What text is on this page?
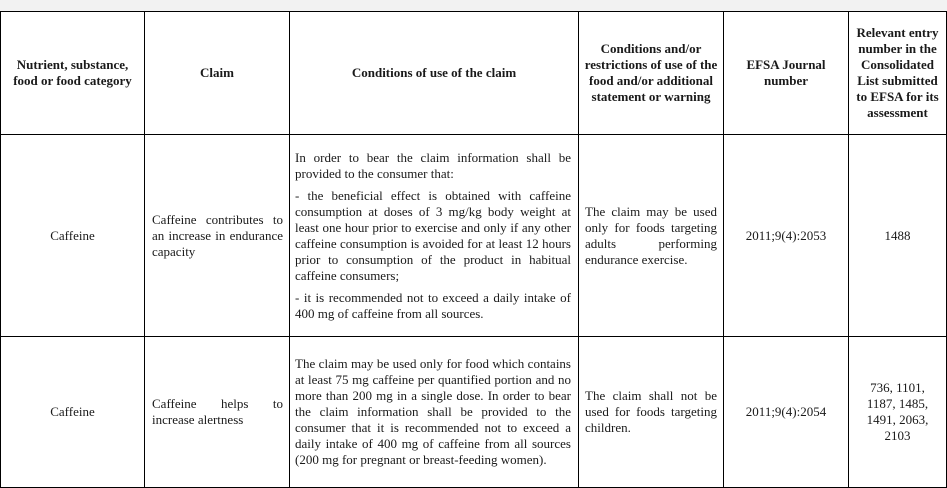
Nutrient, substance, food or food category	Claim	Conditions of use of the claim	Conditions and/or restrictions of use of the food and/or additional statement or warning	EFSA Journal number	Relevant entry number in the Consolidated List submitted to EFSA for its assessment

Caffeine	Caffeine contributes to an increase in endurance capacity	In order to bear the claim information shall be provided to the consumer that:
- the beneficial effect is obtained with caffeine consumption at doses of 3 mg/kg body weight at least one hour prior to exercise and only if any other caffeine consumption is avoided for at least 12 hours prior to consumption of the product in habitual caffeine consumers;
- it is recommended not to exceed a daily intake of 400 mg of caffeine from all sources.	The claim may be used only for foods targeting adults performing endurance exercise.	2011;9(4):2053	1488
Caffeine	Caffeine helps to increase alertness	The claim may be used only for food which contains at least 75 mg caffeine per quantified portion and no more than 200 mg in a single dose. In order to bear the claim information shall be provided to the consumer that it is recommended not to exceed a daily intake of 400 mg of caffeine from all sources (200 mg for pregnant or breast-feeding women).	The claim shall not be used for foods targeting children.	2011;9(4):2054	736, 1101, 1187, 1485, 1491, 2063, 2103
